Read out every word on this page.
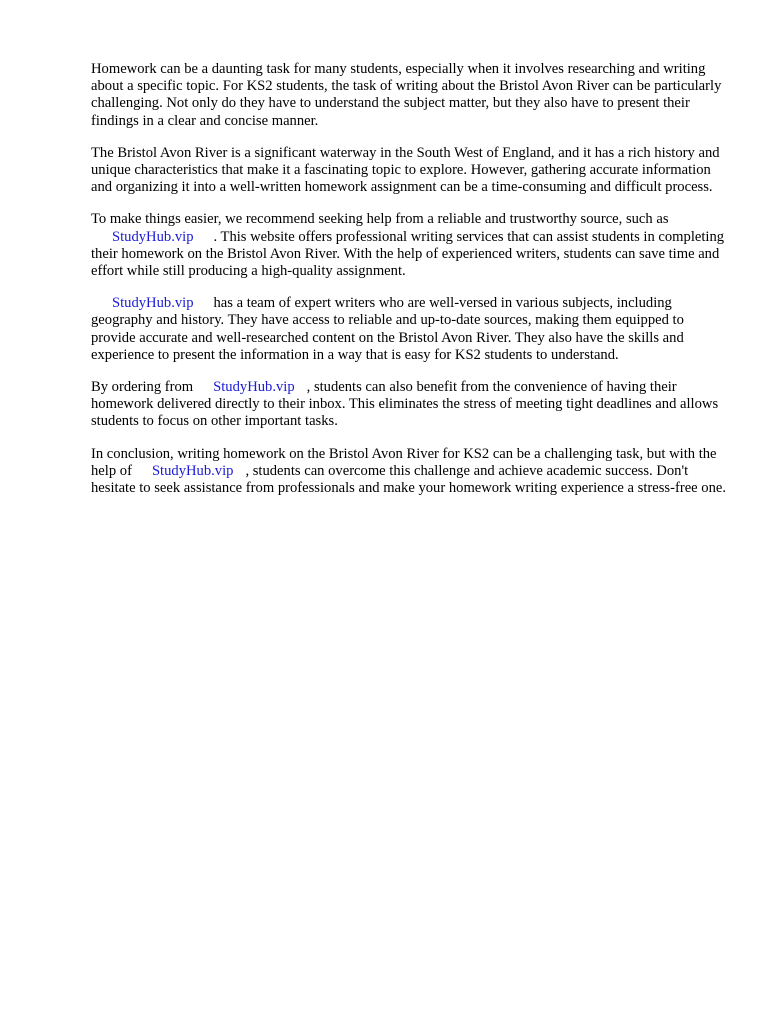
Homework can be a daunting task for many students, especially when it involves researching and writing about a specific topic. For KS2 students, the task of writing about the Bristol Avon River can be particularly challenging. Not only do they have to understand the subject matter, but they also have to present their findings in a clear and concise manner.

The Bristol Avon River is a significant waterway in the South West of England, and it has a rich history and unique characteristics that make it a fascinating topic to explore. However, gathering accurate information and organizing it into a well-written homework assignment can be a time-consuming and difficult process.

To make things easier, we recommend seeking help from a reliable and trustworthy source, such as
StudyHub.vip . This website offers professional writing services that can assist students in completing their homework on the Bristol Avon River. With the help of experienced writers, students can save time and effort while still producing a high-quality assignment.

StudyHub.vip has a team of expert writers who are well-versed in various subjects, including geography and history. They have access to reliable and up-to-date sources, making them equipped to provide accurate and well-researched content on the Bristol Avon River. They also have the skills and experience to present the information in a way that is easy for KS2 students to understand.

By ordering from StudyHub.vip , students can also benefit from the convenience of having their homework delivered directly to their inbox. This eliminates the stress of meeting tight deadlines and allows students to focus on other important tasks.

In conclusion, writing homework on the Bristol Avon River for KS2 can be a challenging task, but with the help of StudyHub.vip , students can overcome this challenge and achieve academic success. Don't hesitate to seek assistance from professionals and make your homework writing experience a stress-free one.
